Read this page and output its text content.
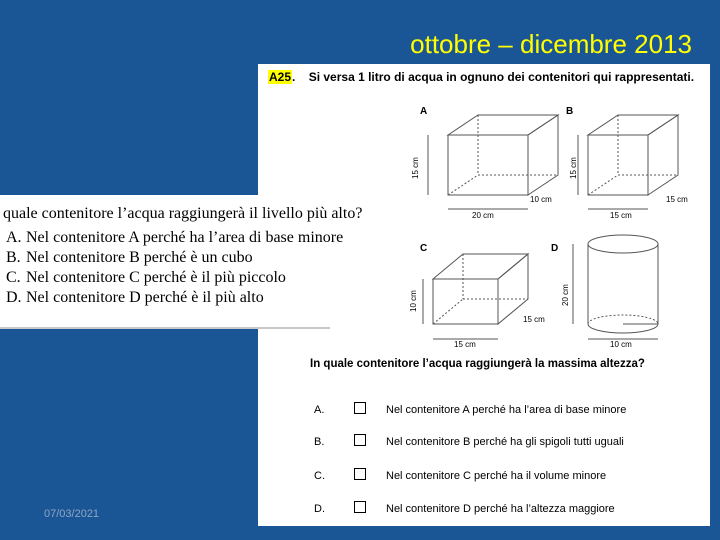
ottobre – dicembre 2013
07/03/2021
A25. Si versa 1 litro di acqua in ognuno dei contenitori qui rappresentati.
A
15 cm
10 cm
20 cm
B
15 cm
15 cm
15 cm
C
10 cm
15 cm
15 cm
D
20 cm
10 cm
In quale contenitore l’acqua raggiungerà la massima altezza?
A.	Nel contenitore A perché ha l’area di base minore
B.	Nel contenitore B perché ha gli spigoli tutti uguali
C.	Nel contenitore C perché ha il volume minore
D.	Nel contenitore D perché ha l’altezza maggiore
quale contenitore l’acqua raggiungerà il livello più alto?
A. Nel contenitore A perché ha l’area di base minore
B. Nel contenitore B perché è un cubo
C. Nel contenitore C perché è il più piccolo
D. Nel contenitore D perché è il più alto
